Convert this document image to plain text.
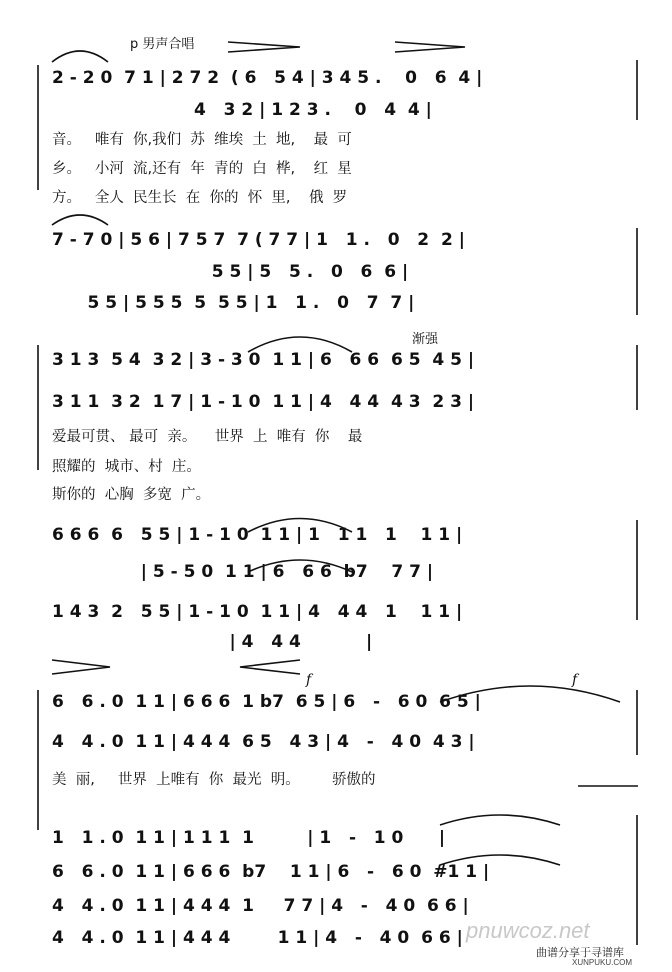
p 男声合唱
2 - 2 0  7 1 | 2 7 2  ( 6   5 4 | 3 4 5 .    0   6  4 |
4   3 2 | 1 2 3 .    0   4  4 |
音。   唯有  你,我们  苏  维埃  土  地,    最  可
乡。   小河  流,还有  年  青的  白  桦,    红  星
方。   全人  民生长  在  你的  怀  里,    俄  罗
7 - 7 0 | 5 6 | 7 5 7  7 ( 7 7 | 1   1 .   0   2  2 |
5 5 | 5   5 .   0   6  6 |
5 5 | 5 5 5  5  5 5 | 1   1 .   0   7  7 |
渐强
3 1 3  5 4  3 2 | 3 - 3 0  1 1 | 6   6 6  6 5  4 5 |
3 1 1  3 2  1 7 | 1 - 1 0  1 1 | 4   4 4  4 3  2 3 |
爱最可贯、 最可  亲。    世界  上  唯有  你    最
照耀的  城市、村  庄。
斯你的  心胸  多宽  广。
6 6 6  6   5 5 | 1 - 1 0  1 1 | 1   1 1   1    1 1 |
| 5 - 5 0  1 1 | 6   6 6  b7    7 7 |
1 4 3  2   5 5 | 1 - 1 0  1 1 | 4   4 4   1    1 1 |
| 4   4 4           |
f	f
6   6 . 0  1 1 | 6 6 6  1 b7  6 5 | 6   -   6 0  6 5 |
4   4 . 0  1 1 | 4 4 4  6 5   4 3 | 4   -   4 0  4 3 |
美  丽,     世界  上唯有  你  最光  明。       骄傲的
1   1 . 0  1 1 | 1 1 1  1         | 1   -   1 0      |
6   6 . 0  1 1 | 6 6 6  b7    1 1 | 6   -   6 0  #1 1 |
4   4 . 0  1 1 | 4 4 4  1     7 7 | 4   -   4 0  6 6 |
4   4 . 0  1 1 | 4 4 4        1 1 | 4   -   4 0  6 6 | pnuwcoz.net
曲谱分享于寻谱库
XUNPUKU.COM
